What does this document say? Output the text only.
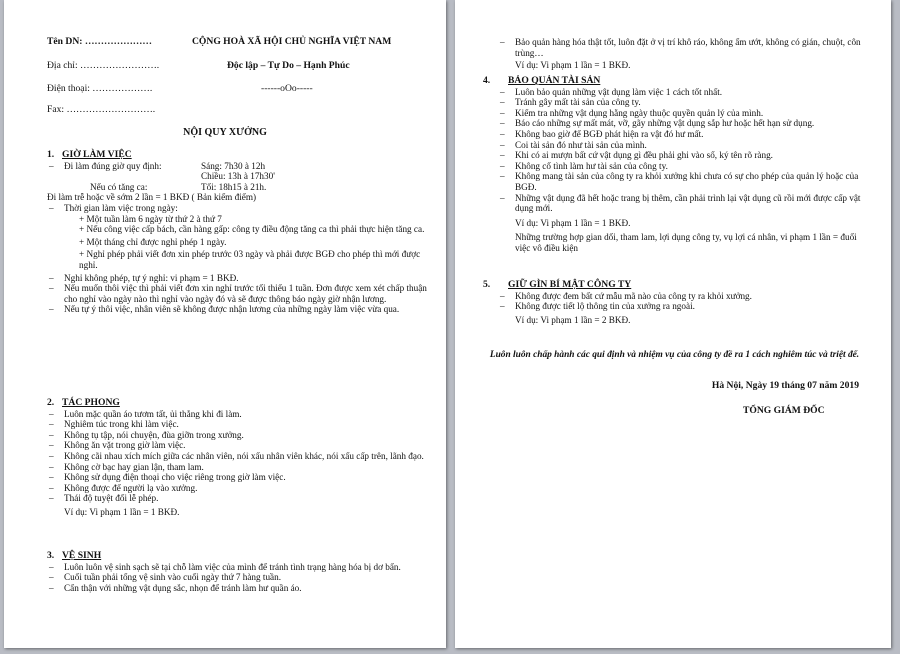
Tên DN: …………………
Địa chỉ: …………………….
Điện thoại: ……………….
Fax: ……………………….
CỘNG HOÀ XÃ HỘI CHỦ NGHĨA VIỆT NAM
Độc lập – Tự Do – Hạnh Phúc
------oOo-----
NỘI QUY XƯỞNG
1. GIỜ LÀM VIỆC
– Đi làm đúng giờ quy định:	Sáng: 7h30 à 12h
Chiều: 13h à 17h30'
Nếu có tăng ca:	Tối: 18h15 à 21h.
Đi làm trễ hoặc về sớm 2 lần = 1 BKĐ ( Bản kiểm điểm)
– Thời gian làm việc trong ngày:
+ Một tuần làm 6 ngày từ thứ 2 à thứ 7
+ Nếu công việc cấp bách, cần hàng gấp: công ty điều động tăng ca thì phải thực hiện tăng ca.
+ Một tháng chỉ được nghỉ phép 1 ngày.
+ Nghỉ phép phải viết đơn xin phép trước 03 ngày và phải được BGĐ cho phép thì mới được nghỉ.
– Nghỉ không phép, tự ý nghỉ: vi phạm = 1 BKĐ.
– Nếu muốn thôi việc thì phải viết đơn xin nghỉ trước tối thiểu 1 tuần. Đơn được xem xét chấp thuận cho nghỉ vào ngày nào thì nghỉ vào ngày đó và sẽ được thông báo ngày giờ nhận lương.
– Nếu tự ý thôi việc, nhân viên sẽ không được nhận lương của những ngày làm việc vừa qua.
2. TÁC PHONG
– Luôn mặc quần áo tươm tất, ủi thẳng khi đi làm.
– Nghiêm túc trong khi làm việc.
– Không tụ tập, nói chuyện, đùa giỡn trong xưởng.
– Không ăn vặt trong giờ làm việc.
– Không cãi nhau xích mích giữa các nhân viên, nói xấu nhân viên khác, nói xấu cấp trên, lãnh đạo.
– Không cờ bạc hay gian lận, tham lam.
– Không sử dụng điện thoại cho việc riêng trong giờ làm việc.
– Không được để người lạ vào xưởng.
– Thái độ tuyệt đối lễ phép.
Ví dụ: Vi phạm 1 lần = 1 BKĐ.
3. VỆ SINH
– Luôn luôn vệ sinh sạch sẽ tại chỗ làm việc của mình để tránh tình trạng hàng hóa bị dơ bẩn.
– Cuối tuần phải tổng vệ sinh vào cuối ngày thứ 7 hàng tuần.
– Cẩn thận với những vật dụng sắc, nhọn để tránh làm hư quần áo.
– Bảo quản hàng hóa thật tốt, luôn đặt ở vị trí khô ráo, không ẩm ướt, không có gián, chuột, côn trùng…
Ví dụ: Vi phạm 1 lần = 1 BKĐ.
4. BẢO QUẢN TÀI SẢN
– Luôn bảo quản những vật dụng làm việc 1 cách tốt nhất.
– Tránh gây mất tài sản của công ty.
– Kiểm tra những vật dụng hằng ngày thuộc quyền quản lý của mình.
– Báo cáo những sự mất mát, vỡ, gãy những vật dụng sắp hư hoặc hết hạn sử dụng.
– Không bao giờ để BGĐ phát hiện ra vật đó hư mất.
– Coi tài sản đó như tài sản của mình.
– Khi có ai mượn bất cứ vật dụng gì đều phải ghi vào sổ, ký tên rõ ràng.
– Không cố tình làm hư tài sản của công ty.
– Không mang tài sản của công ty ra khỏi xưởng khi chưa có sự cho phép của quản lý hoặc của BGĐ.
– Những vật dụng đã hết hoặc trang bị thêm, cần phải trình lại vật dụng cũ rồi mới được cấp vật dụng mới.
Ví dụ: Vi phạm 1 lần = 1 BKĐ.
Những trường hợp gian dối, tham lam, lợi dụng công ty, vụ lợi cá nhân, vi phạm 1 lần = đuổi việc vô điều kiện
5. GIỮ GÌN BÍ MẬT CÔNG TY
– Không được đem bất cứ mẫu mã nào của công ty ra khỏi xưởng.
– Không được tiết lộ thông tin của xưởng ra ngoài.
Ví dụ: Vi phạm 1 lần = 2 BKĐ.
Luôn luôn chấp hành các qui định và nhiệm vụ của công ty đề ra 1 cách nghiêm túc và triệt để.
Hà Nội, Ngày 19 tháng 07 năm 2019
TỔNG GIÁM ĐỐC
